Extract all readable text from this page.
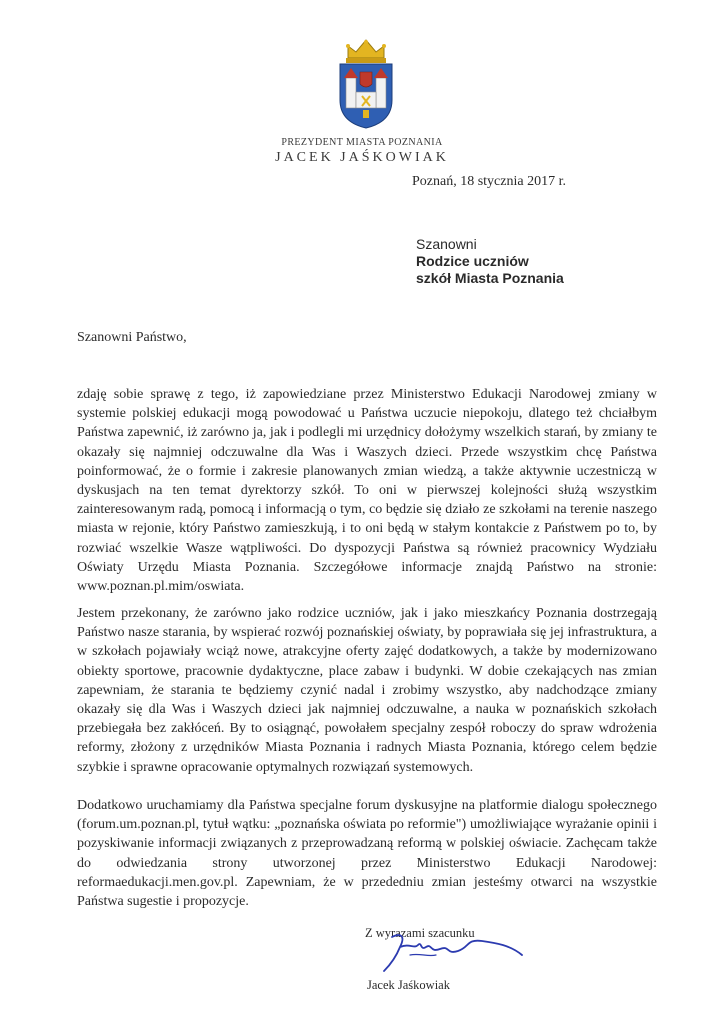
PREZYDENT MIASTA POZNANIA
JACEK JAŚKOWIAK
Poznań, 18 stycznia 2017 r.
Szanowni
Rodzice uczniów
szkół Miasta Poznania
Szanowni Państwo,
zdaję sobie sprawę z tego, iż zapowiedziane przez Ministerstwo Edukacji Narodowej zmiany w systemie polskiej edukacji mogą powodować u Państwa uczucie niepokoju, dlatego też chciałbym Państwa zapewnić, iż zarówno ja, jak i podlegli mi urzędnicy dołożymy wszelkich starań, by zmiany te okazały się najmniej odczuwalne dla Was i Waszych dzieci. Przede wszystkim chcę Państwa poinformować, że o formie i zakresie planowanych zmian wiedzą, a także aktywnie uczestniczą w dyskusjach na ten temat dyrektorzy szkół. To oni w pierwszej kolejności służą wszystkim zainteresowanym radą, pomocą i informacją o tym, co będzie się działo ze szkołami na terenie naszego miasta w rejonie, który Państwo zamieszkują, i to oni będą w stałym kontakcie z Państwem po to, by rozwiać wszelkie Wasze wątpliwości. Do dyspozycji Państwa są również pracownicy Wydziału Oświaty Urzędu Miasta Poznania. Szczegółowe informacje znajdą Państwo na stronie: www.poznan.pl.mim/oswiata.
Jestem przekonany, że zarówno jako rodzice uczniów, jak i jako mieszkańcy Poznania dostrzegają Państwo nasze starania, by wspierać rozwój poznańskiej oświaty, by poprawiała się jej infrastruktura, a w szkołach pojawiały wciąż nowe, atrakcyjne oferty zajęć dodatkowych, a także by modernizowano obiekty sportowe, pracownie dydaktyczne, place zabaw i budynki. W dobie czekających nas zmian zapewniam, że starania te będziemy czynić nadal i zrobimy wszystko, aby nadchodzące zmiany okazały się dla Was i Waszych dzieci jak najmniej odczuwalne, a nauka w poznańskich szkołach przebiegała bez zakłóceń. By to osiągnąć, powołałem specjalny zespół roboczy do spraw wdrożenia reformy, złożony z urzędników Miasta Poznania i radnych Miasta Poznania, którego celem będzie szybkie i sprawne opracowanie optymalnych rozwiązań systemowych.
Dodatkowo uruchamiamy dla Państwa specjalne forum dyskusyjne na platformie dialogu społecznego (forum.um.poznan.pl, tytuł wątku: „poznańska oświata po reformie") umożliwiające wyrażanie opinii i pozyskiwanie informacji związanych z przeprowadzaną reformą w polskiej oświacie. Zachęcam także do odwiedzania strony utworzonej przez Ministerstwo Edukacji Narodowej: reformaedukacji.men.gov.pl. Zapewniam, że w przededniu zmian jesteśmy otwarci na wszystkie Państwa sugestie i propozycje.
Z wyrazami szacunku
Jacek Jaśkowiak
